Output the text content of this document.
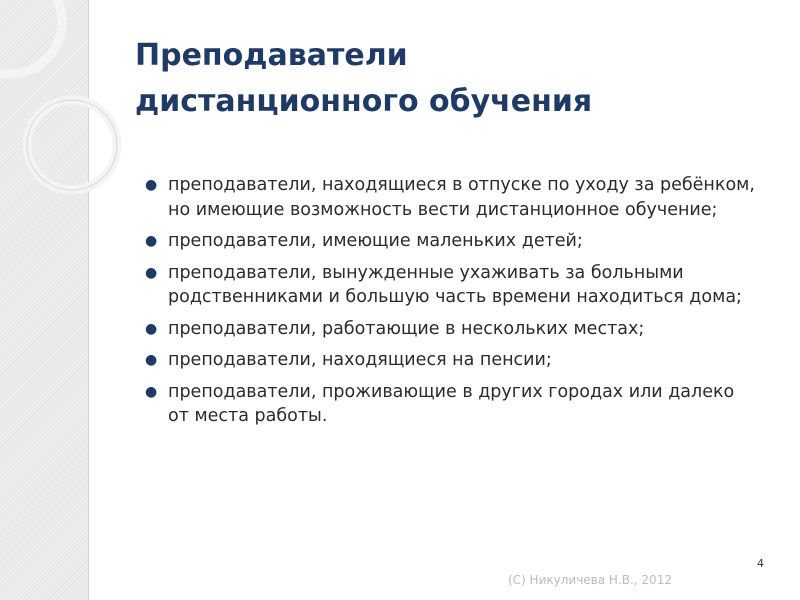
Преподаватели
дистанционного обучения
● преподаватели, находящиеся в отпуске по уходу за ребёнком, но имеющие возможность вести дистанционное обучение;
● преподаватели, имеющие маленьких детей;
● преподаватели, вынужденные ухаживать за больными родственниками и большую часть времени находиться дома;
● преподаватели, работающие в нескольких местах;
● преподаватели, находящиеся на пенсии;
● преподаватели, проживающие в других городах или далеко от места работы.
4
(С) Никуличева Н.В., 2012
